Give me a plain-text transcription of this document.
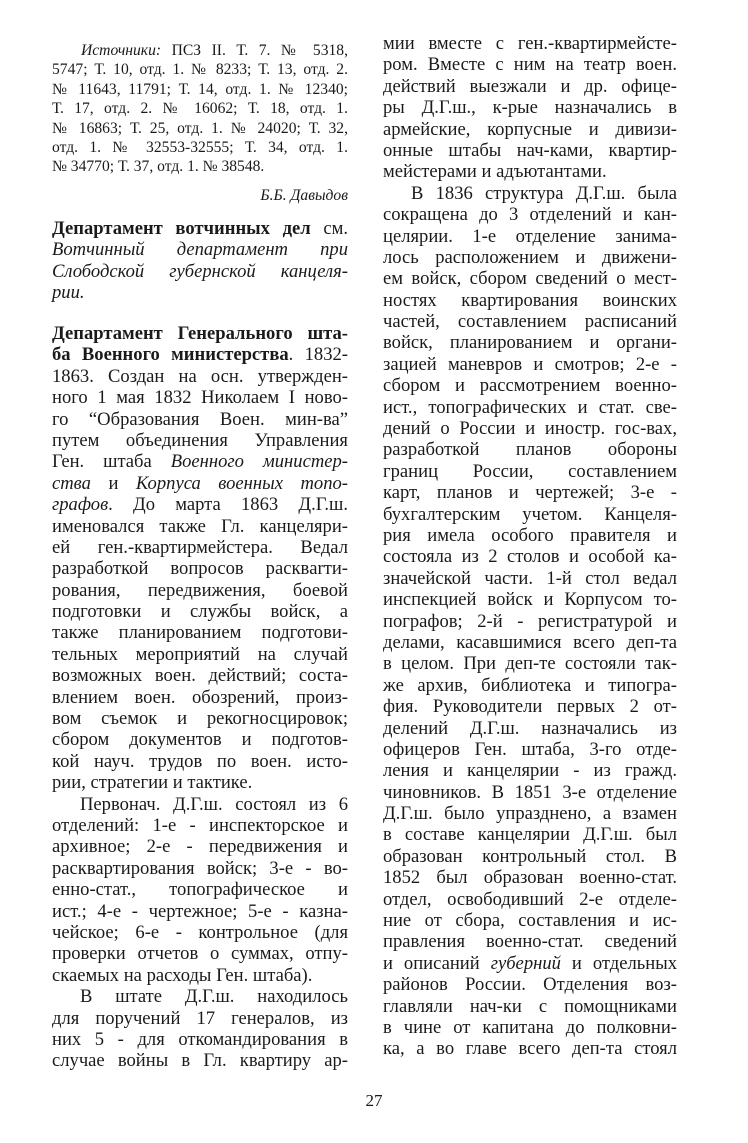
Источники: ПСЗ II. Т. 7. № 5318,
5747; Т. 10, отд. 1. № 8233; Т. 13, отд. 2.
№ 11643, 11791; Т. 14, отд. 1. № 12340;
Т. 17, отд. 2. № 16062; Т. 18, отд. 1.
№ 16863; Т. 25, отд. 1. № 24020; Т. 32,
отд. 1. № 32553-32555; Т. 34, отд. 1.
№ 34770; Т. 37, отд. 1. № 38548.
Б.Б. Давыдов
Департамент вотчинных дел см.
Вотчинный департамент при
Слободской губернской канцеля-
рии.
Департамент Генерального шта-
ба Военного министерства. 1832-
1863. Создан на осн. утвержден-
ного 1 мая 1832 Николаем I ново-
го “Образования Воен. мин-ва”
путем объединения Управления
Ген. штаба Военного министер-
ства и Корпуса военных топо-
графов. До марта 1863 Д.Г.ш.
именовался также Гл. канцеляри-
ей ген.-квартирмейстера. Ведал
разработкой вопросов расквarти-
рования, передвижения, боевой
подготовки и службы войск, а
также планированием подготови-
тельных мероприятий на случай
возможных воен. действий; соста-
влением воен. обозрений, произ-
вом съемок и рекогносцировок;
сбором документов и подготов-
кой науч. трудов по воен. исто-
рии, стратегии и тактике.
Первонач. Д.Г.ш. состоял из 6
отделений: 1-е - инспекторское и
архивное; 2-е - передвижения и
расквартирования войск; 3-е - во-
енно-стат., топографическое и
ист.; 4-е - чертежное; 5-е - казна-
чейское; 6-е - контрольное (для
проверки отчетов о суммах, отпу-
скаемых на расходы Ген. штаба).
В штате Д.Г.ш. находилось
для поручений 17 генералов, из
них 5 - для откомандирования в
случае войны в Гл. квартиру ар-
мии вместе с ген.-квартирмейсте-
ром. Вместе с ним на театр воен.
действий выезжали и др. офице-
ры Д.Г.ш., к-рые назначались в
армейские, корпусные и дивизи-
онные штабы нач-ками, квартир-
мейстерами и адъютантами.
В 1836 структура Д.Г.ш. была
сокращена до 3 отделений и кан-
целярии. 1-е отделение занима-
лось расположением и движени-
ем войск, сбором сведений о мест-
ностях квартирования воинских
частей, составлением расписаний
войск, планированием и органи-
зацией маневров и смотров; 2-е -
сбором и рассмотрением военно-
ист., топографических и стат. све-
дений о России и иностр. гос-вах,
разработкой планов обороны
границ России, составлением
карт, планов и чертежей; 3-е -
бухгалтерским учетом. Канцеля-
рия имела особого правителя и
состояла из 2 столов и особой ка-
значейской части. 1-й стол ведал
инспекцией войск и Корпусом то-
пографов; 2-й - регистратурой и
делами, касавшимися всего деп-та
в целом. При деп-те состояли так-
же архив, библиотека и типогра-
фия. Руководители первых 2 от-
делений Д.Г.ш. назначались из
офицеров Ген. штаба, 3-го отде-
ления и канцелярии - из гражд.
чиновников. В 1851 3-е отделение
Д.Г.ш. было упразднено, а взамен
в составе канцелярии Д.Г.ш. был
образован контрольный стол. В
1852 был образован военно-стат.
отдел, освободивший 2-е отделе-
ние от сбора, составления и ис-
правления военно-стат. сведений
и описаний губерний и отдельных
районов России. Отделения воз-
главляли нач-ки с помощниками
в чине от капитана до полковни-
ка, а во главе всего деп-та стоял
27
